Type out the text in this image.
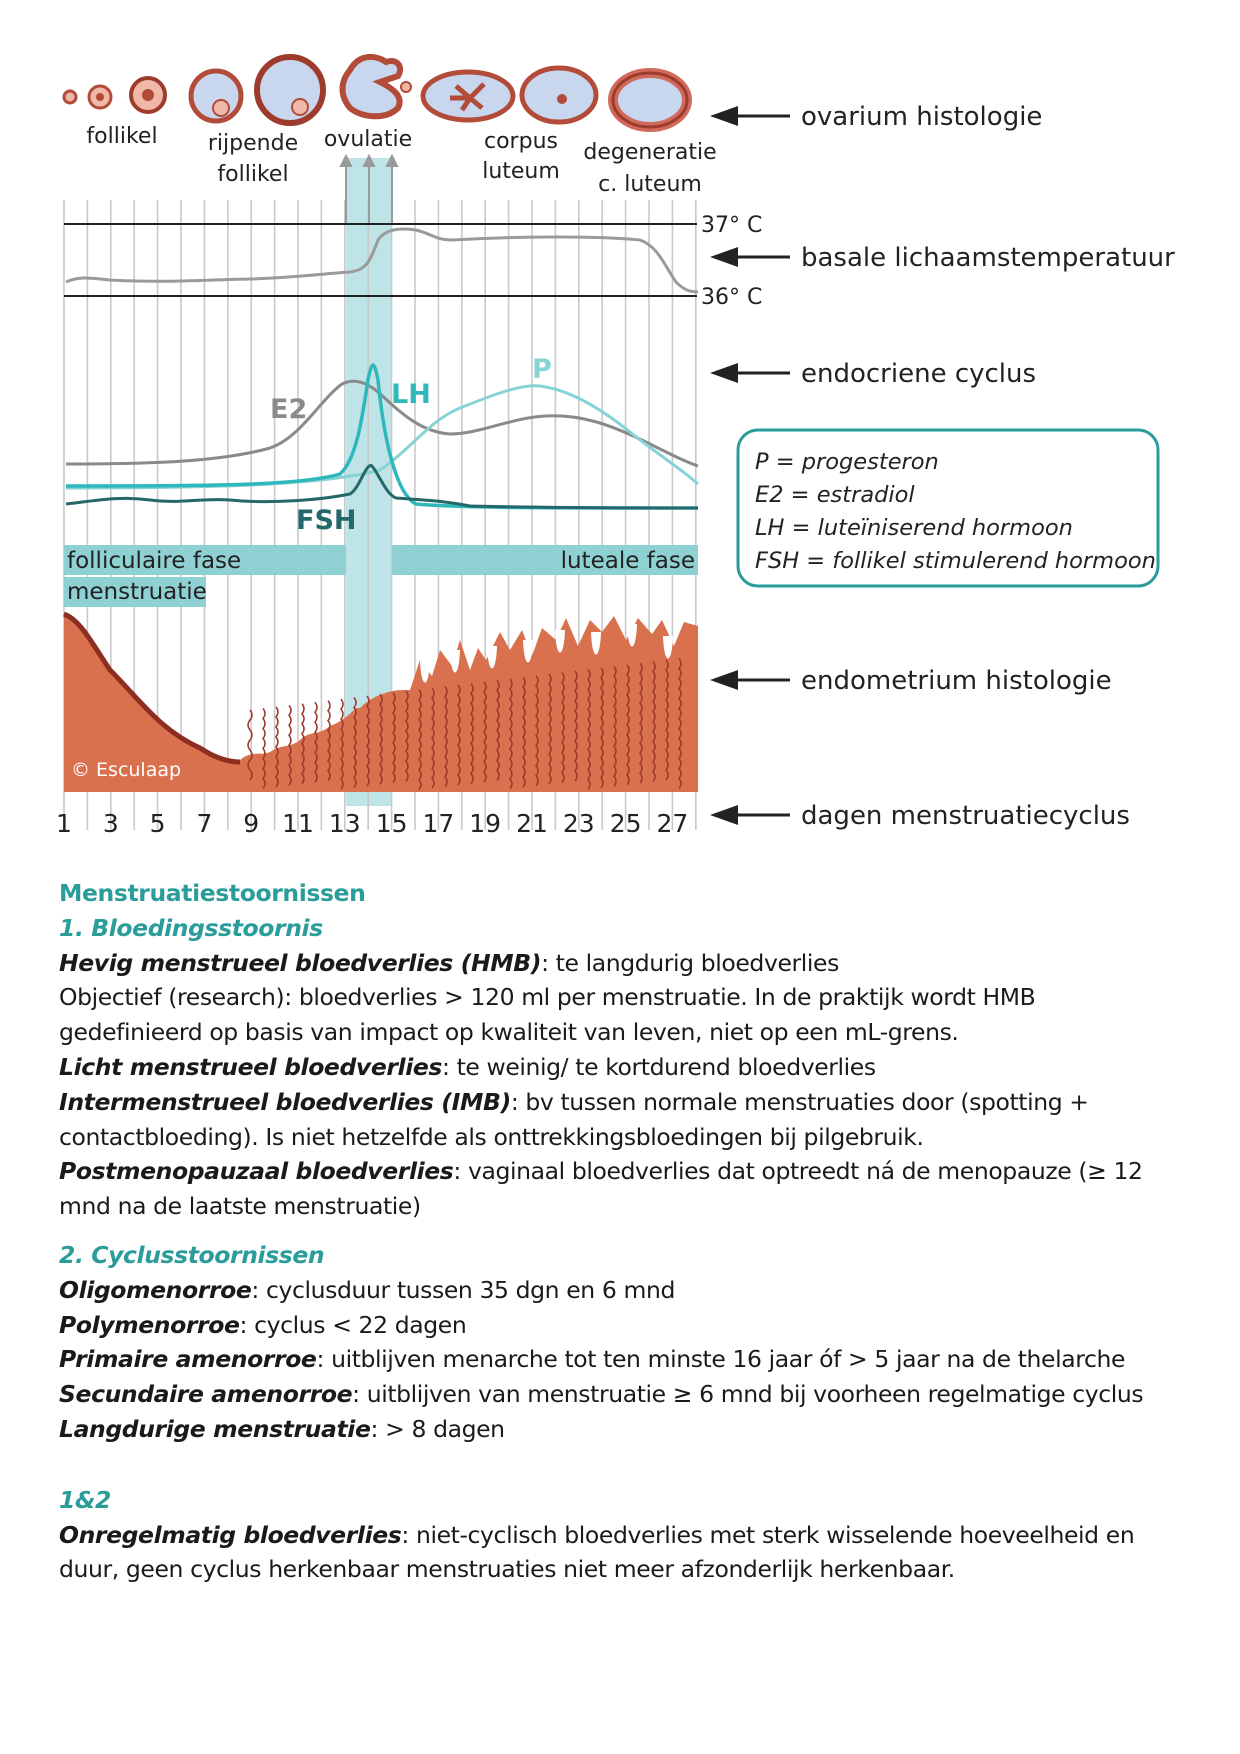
37° C
36° C
E2	LH
P
FSH
folliculaire fase	luteale fase
menstruatie
© Esculaap
1 3 5 7 9 11 13 15 17 19 21 23 25 27
follikel rijpende
follikel
ovulatie	corpus
luteum
degeneratie
c. luteum
ovarium histologie
basale lichaamstemperatuur
endocriene cyclus
endometrium histologie
dagen menstruatiecyclus
P = progesteron
E2 = estradiol
LH = luteïniserend hormoon
FSH = follikel stimulerend hormoon

Menstruatiestoornissen

1. Bloedingsstoornis

Hevig menstrueel bloedverlies (HMB): te langdurig bloedverlies

Objectief (research): bloedverlies > 120 ml per menstruatie. In de praktijk wordt HMB

gedefinieerd op basis van impact op kwaliteit van leven, niet op een mL-grens.

Licht menstrueel bloedverlies: te weinig/ te kortdurend bloedverlies

Intermenstrueel bloedverlies (IMB): bv tussen normale menstruaties door (spotting +

contactbloeding). Is niet hetzelfde als onttrekkingsbloedingen bij pilgebruik.

Postmenopauzaal bloedverlies: vaginaal bloedverlies dat optreedt ná de menopauze (≥ 12

mnd na de laatste menstruatie)

2. Cyclusstoornissen

Oligomenorroe: cyclusduur tussen 35 dgn en 6 mnd

Polymenorroe: cyclus < 22 dagen

Primaire amenorroe: uitblijven menarche tot ten minste 16 jaar óf > 5 jaar na de thelarche

Secundaire amenorroe: uitblijven van menstruatie ≥ 6 mnd bij voorheen regelmatige cyclus

Langdurige menstruatie: > 8 dagen

1&2

Onregelmatig bloedverlies: niet-cyclisch bloedverlies met sterk wisselende hoeveelheid en

duur, geen cyclus herkenbaar menstruaties niet meer afzonderlijk herkenbaar.
